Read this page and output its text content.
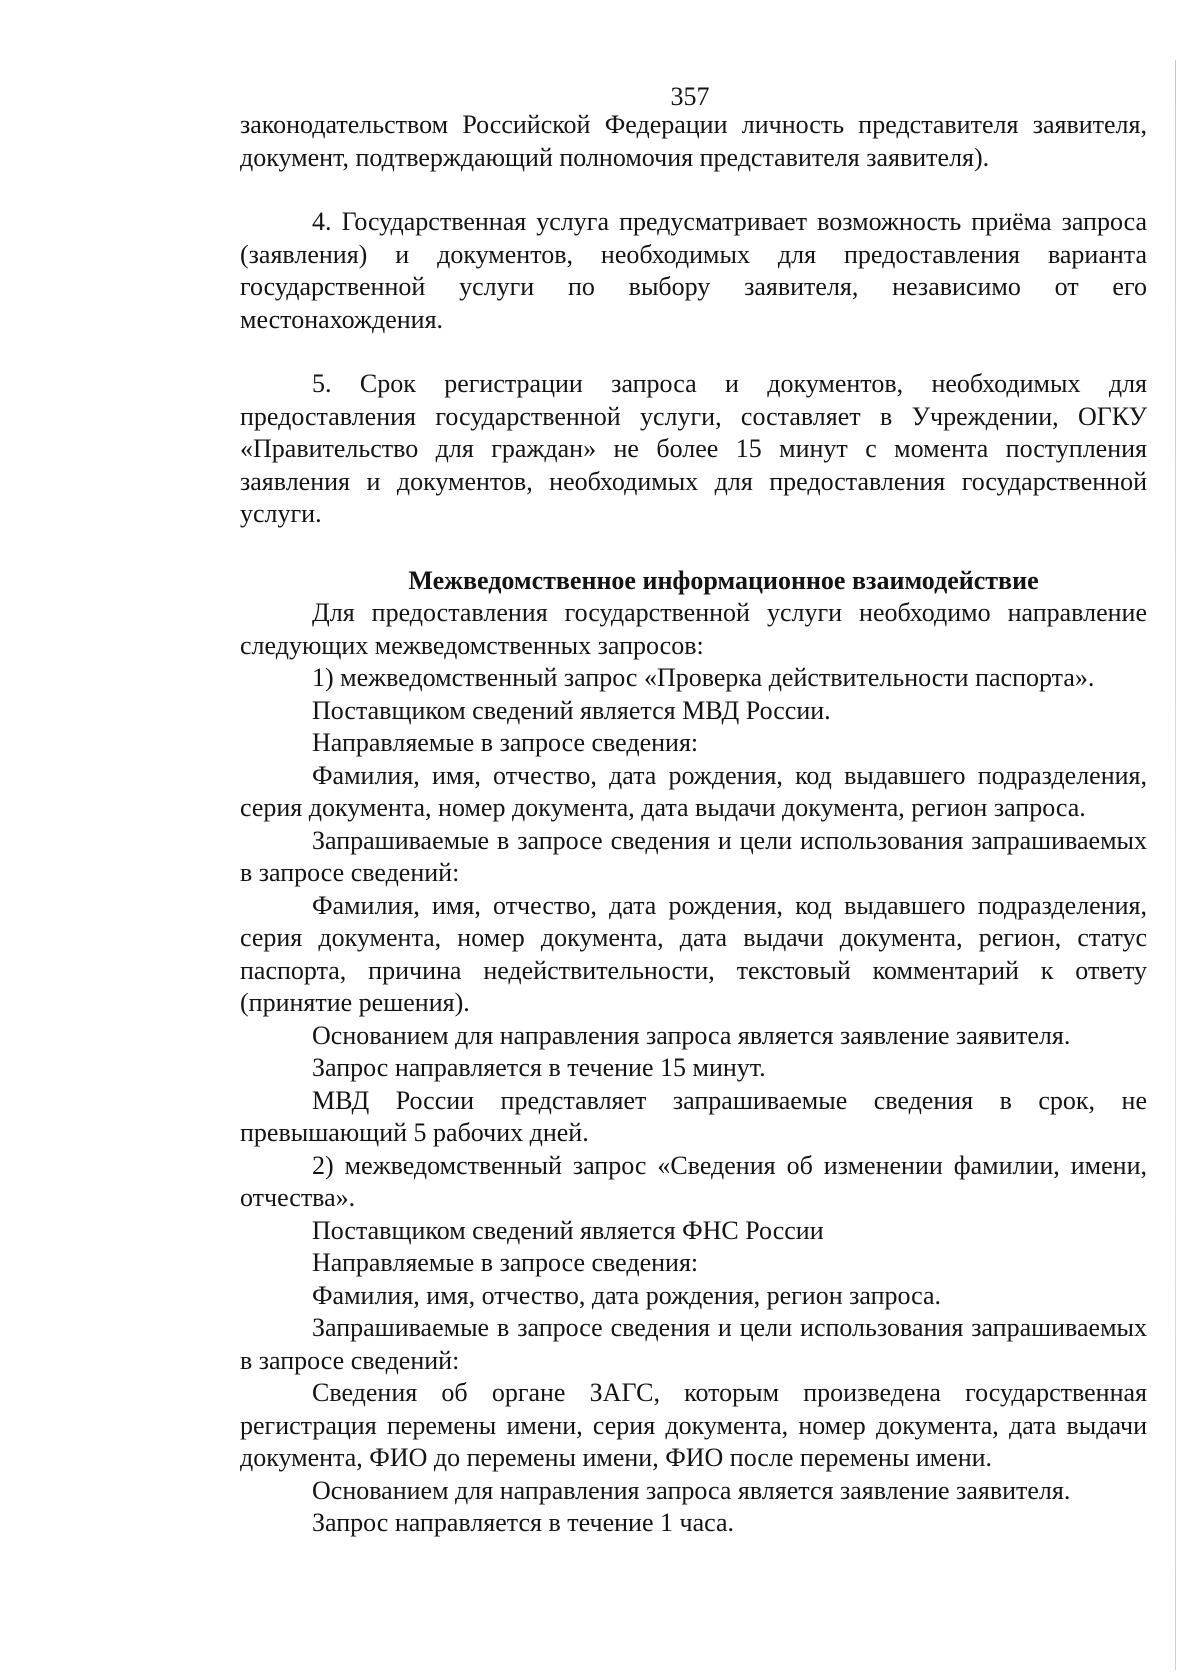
357

законодательством Российской Федерации личность представителя заявителя, документ, подтверждающий полномочия представителя заявителя).

4. Государственная услуга предусматривает возможность приёма запроса (заявления) и документов, необходимых для предоставления варианта государственной услуги по выбору заявителя, независимо от его местонахождения.

5. Срок регистрации запроса и документов, необходимых для предоставления государственной услуги, составляет в Учреждении, ОГКУ «Правительство для граждан» не более 15 минут с момента поступления заявления и документов, необходимых для предоставления государственной услуги.

Межведомственное информационное взаимодействие

Для предоставления государственной услуги необходимо направление следующих межведомственных запросов:

1) межведомственный запрос «Проверка действительности паспорта».

Поставщиком сведений является МВД России.

Направляемые в запросе сведения:

Фамилия, имя, отчество, дата рождения, код выдавшего подразделения, серия документа, номер документа, дата выдачи документа, регион запроса.

Запрашиваемые в запросе сведения и цели использования запрашиваемых в запросе сведений:

Фамилия, имя, отчество, дата рождения, код выдавшего подразделения, серия документа, номер документа, дата выдачи документа, регион, статус паспорта, причина недействительности, текстовый комментарий к ответу (принятие решения).

Основанием для направления запроса является заявление заявителя.

Запрос направляется в течение 15 минут.

МВД России представляет запрашиваемые сведения в срок, не превышающий 5 рабочих дней.

2) межведомственный запрос «Сведения об изменении фамилии, имени, отчества».

Поставщиком сведений является ФНС России

Направляемые в запросе сведения:

Фамилия, имя, отчество, дата рождения, регион запроса.

Запрашиваемые в запросе сведения и цели использования запрашиваемых в запросе сведений:

Сведения об органе ЗАГС, которым произведена государственная регистрация перемены имени, серия документа, номер документа, дата выдачи документа, ФИО до перемены имени, ФИО после перемены имени.

Основанием для направления запроса является заявление заявителя.

Запрос направляется в течение 1 часа.
